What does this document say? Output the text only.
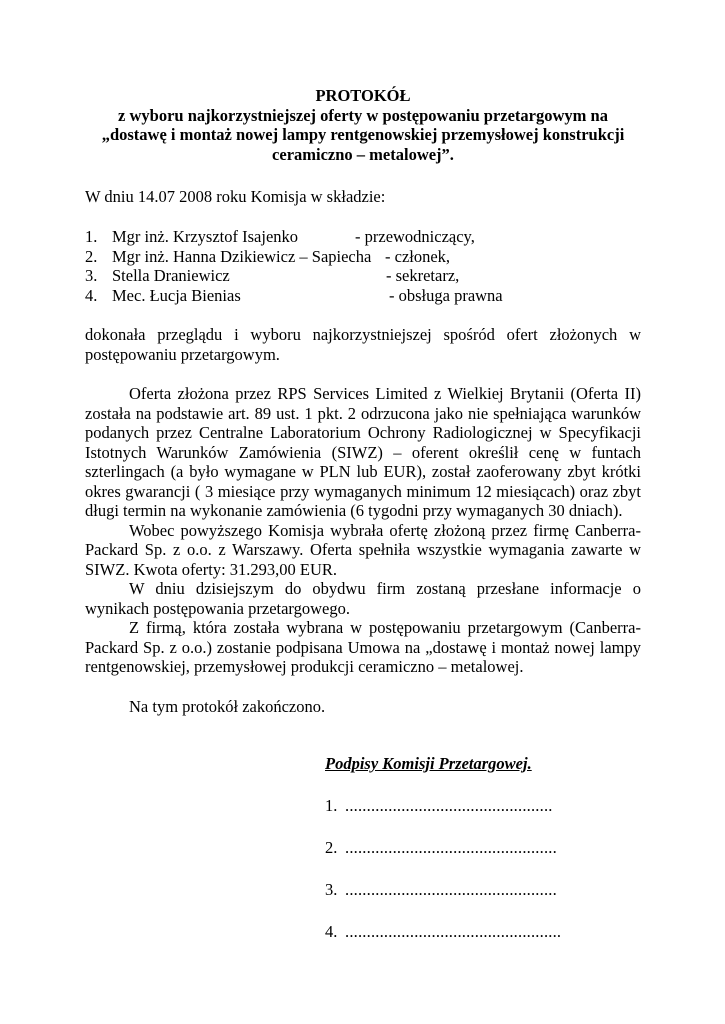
PROTOKÓŁ
z wyboru najkorzystniejszej oferty w postępowaniu przetargowym na
„dostawę i montaż nowej lampy rentgenowskiej przemysłowej konstrukcji
ceramiczno – metalowej”.
W dniu 14.07 2008 roku Komisja w składzie:
1. Mgr inż. Krzysztof Isajenko	- przewodniczący,
2. Mgr inż. Hanna Dzikiewicz – Sapiecha - członek,
3. Stella Draniewicz	- sekretarz,
4. Mec. Łucja Bienias	- obsługa prawna
dokonała przeglądu i wyboru najkorzystniejszej spośród ofert złożonych w postępowaniu przetargowym.
Oferta złożona przez RPS Services Limited z Wielkiej Brytanii (Oferta II) została na podstawie art. 89 ust. 1 pkt. 2 odrzucona jako nie spełniająca warunków podanych przez Centralne Laboratorium Ochrony Radiologicznej w Specyfikacji Istotnych Warunków Zamówienia (SIWZ) – oferent określił cenę w funtach szterlingach (a było wymagane w PLN lub EUR), został zaoferowany zbyt krótki okres gwarancji ( 3 miesiące przy wymaganych minimum 12 miesiącach) oraz zbyt długi termin na wykonanie zamówienia (6 tygodni przy wymaganych 30 dniach).
Wobec powyższego Komisja wybrała ofertę złożoną przez firmę Canberra-Packard Sp. z o.o. z Warszawy. Oferta spełniła wszystkie wymagania zawarte w SIWZ. Kwota oferty: 31.293,00 EUR.
W dniu dzisiejszym do obydwu firm zostaną przesłane informacje o wynikach postępowania przetargowego.
Z firmą, która została wybrana w postępowaniu przetargowym (Canberra-Packard Sp. z o.o.) zostanie podpisana Umowa na „dostawę i montaż nowej lampy rentgenowskiej, przemysłowej produkcji ceramiczno – metalowej.
Na tym protokół zakończono.
Podpisy Komisji Przetargowej.
1. ................................................
2. .................................................
3. .................................................
4. ..................................................
